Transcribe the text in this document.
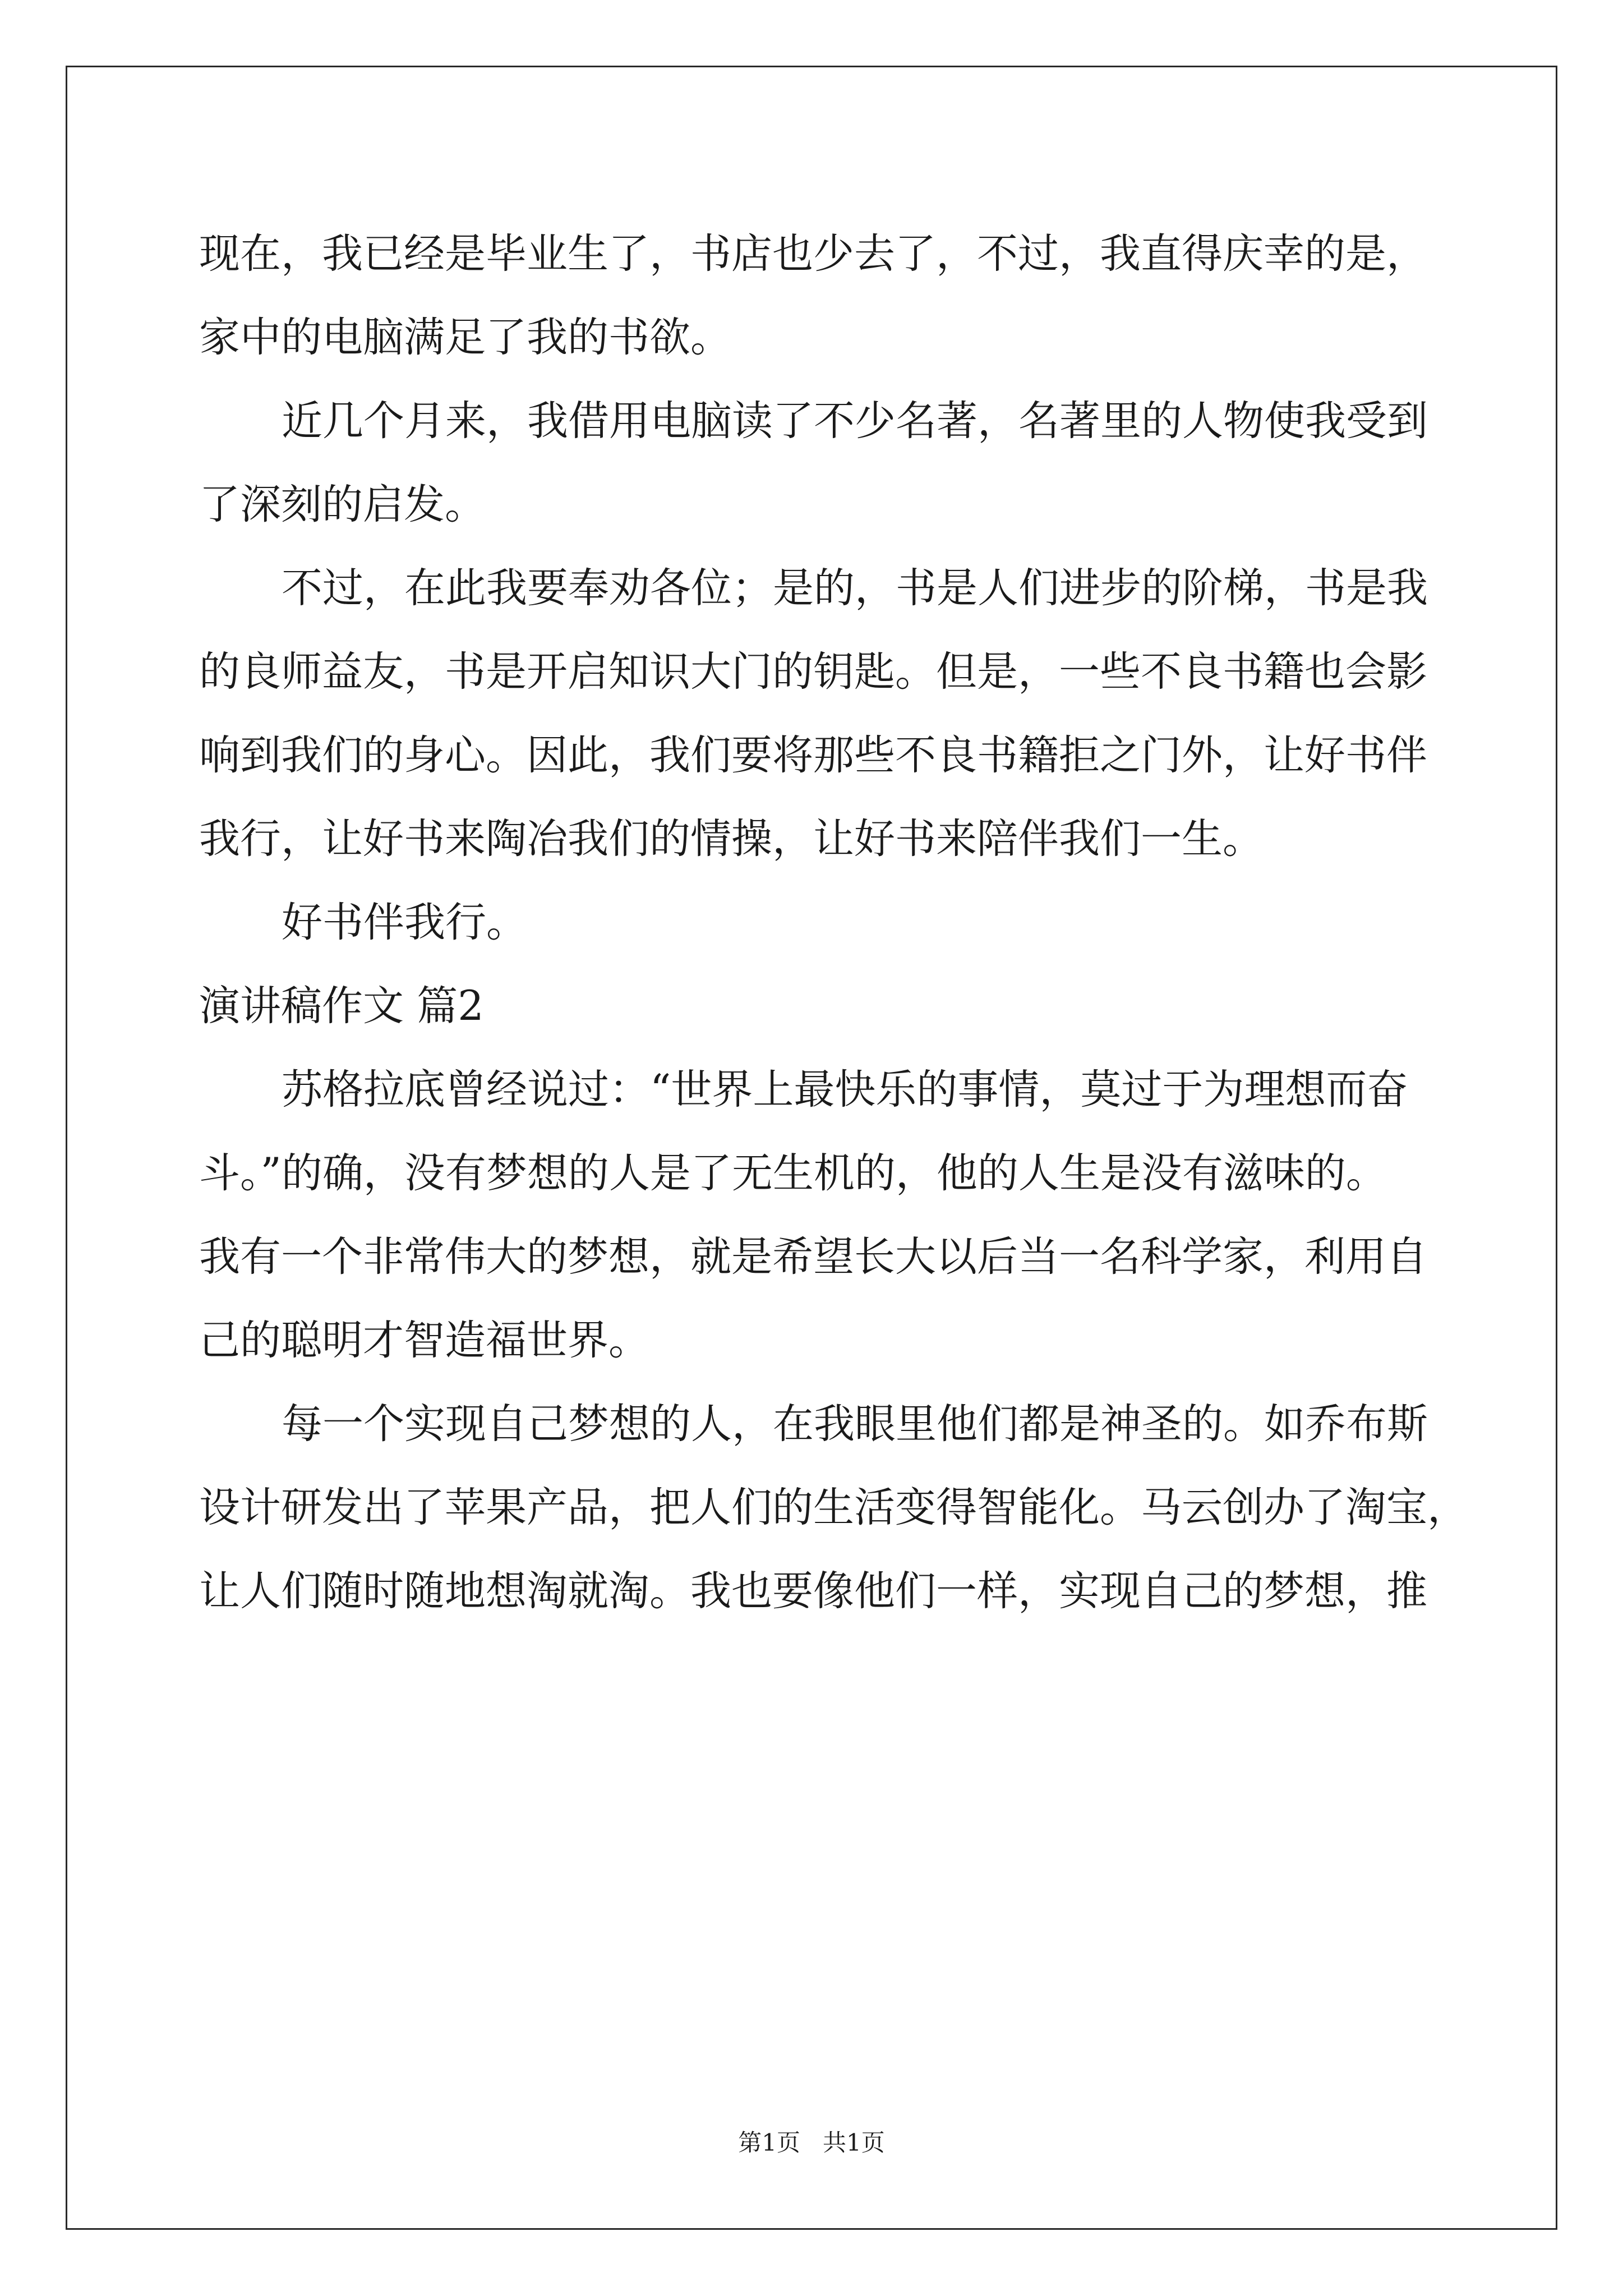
现在，我已经是毕业生了，书店也少去了，不过，我直得庆幸的是，
家中的电脑满足了我的书欲。
近几个月来，我借用电脑读了不少名著，名著里的人物使我受到
了深刻的启发。
不过，在此我要奉劝各位；是的，书是人们进步的阶梯，书是我
的良师益友，书是开启知识大门的钥匙。但是，一些不良书籍也会影
响到我们的身心。因此，我们要将那些不良书籍拒之门外，让好书伴
我行，让好书来陶冶我们的情操，让好书来陪伴我们一生。
好书伴我行。
演讲稿作文 篇2
苏格拉底曾经说过：“世界上最快乐的事情，莫过于为理想而奋
斗。”的确，没有梦想的人是了无生机的，他的人生是没有滋味的。
我有一个非常伟大的梦想，就是希望长大以后当一名科学家，利用自
己的聪明才智造福世界。
每一个实现自己梦想的人，在我眼里他们都是神圣的。如乔布斯
设计研发出了苹果产品，把人们的生活变得智能化。马云创办了淘宝，
让人们随时随地想淘就淘。我也要像他们一样，实现自己的梦想，推
第1页 共1页
